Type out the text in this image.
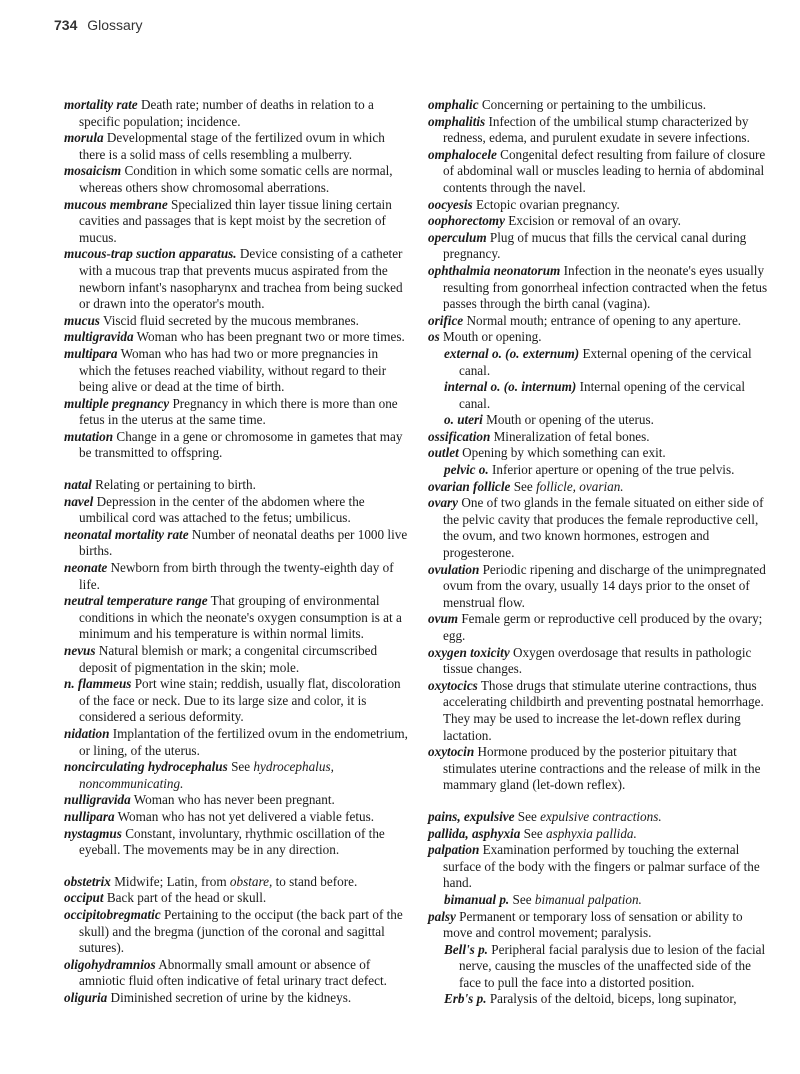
734 Glossary
mortality rate Death rate; number of deaths in relation to a specific population; incidence.
morula Developmental stage of the fertilized ovum in which there is a solid mass of cells resembling a mulberry.
mosaicism Condition in which some somatic cells are normal, whereas others show chromosomal aberrations.
mucous membrane Specialized thin layer tissue lining certain cavities and passages that is kept moist by the secretion of mucus.
mucous-trap suction apparatus. Device consisting of a catheter with a mucous trap that prevents mucus aspirated from the newborn infant's nasopharynx and trachea from being sucked or drawn into the operator's mouth.
mucus Viscid fluid secreted by the mucous membranes.
multigravida Woman who has been pregnant two or more times.
multipara Woman who has had two or more pregnancies in which the fetuses reached viability, without regard to their being alive or dead at the time of birth.
multiple pregnancy Pregnancy in which there is more than one fetus in the uterus at the same time.
mutation Change in a gene or chromosome in gametes that may be transmitted to offspring.
natal Relating or pertaining to birth.
navel Depression in the center of the abdomen where the umbilical cord was attached to the fetus; umbilicus.
neonatal mortality rate Number of neonatal deaths per 1000 live births.
neonate Newborn from birth through the twenty-eighth day of life.
neutral temperature range That grouping of environmental conditions in which the neonate's oxygen consumption is at a minimum and his temperature is within normal limits.
nevus Natural blemish or mark; a congenital circumscribed deposit of pigmentation in the skin; mole.
n. flammeus Port wine stain; reddish, usually flat, discoloration of the face or neck. Due to its large size and color, it is considered a serious deformity.
nidation Implantation of the fertilized ovum in the endometrium, or lining, of the uterus.
noncirculating hydrocephalus See hydrocephalus, noncommunicating.
nulligravida Woman who has never been pregnant.
nullipara Woman who has not yet delivered a viable fetus.
nystagmus Constant, involuntary, rhythmic oscillation of the eyeball. The movements may be in any direction.
obstetrix Midwife; Latin, from obstare, to stand before.
occiput Back part of the head or skull.
occipitobregmatic Pertaining to the occiput (the back part of the skull) and the bregma (junction of the coronal and sagittal sutures).
oligohydramnios Abnormally small amount or absence of amniotic fluid often indicative of fetal urinary tract defect.
oliguria Diminished secretion of urine by the kidneys.
omphalic Concerning or pertaining to the umbilicus.
omphalitis Infection of the umbilical stump characterized by redness, edema, and purulent exudate in severe infections.
omphalocele Congenital defect resulting from failure of closure of abdominal wall or muscles leading to hernia of abdominal contents through the navel.
oocyesis Ectopic ovarian pregnancy.
oophorectomy Excision or removal of an ovary.
operculum Plug of mucus that fills the cervical canal during pregnancy.
ophthalmia neonatorum Infection in the neonate's eyes usually resulting from gonorrheal infection contracted when the fetus passes through the birth canal (vagina).
orifice Normal mouth; entrance of opening to any aperture.
os Mouth or opening.
external o. (o. externum) External opening of the cervical canal.
internal o. (o. internum) Internal opening of the cervical canal.
o. uteri Mouth or opening of the uterus.
ossification Mineralization of fetal bones.
outlet Opening by which something can exit.
pelvic o. Inferior aperture or opening of the true pelvis.
ovarian follicle See follicle, ovarian.
ovary One of two glands in the female situated on either side of the pelvic cavity that produces the female reproductive cell, the ovum, and two known hormones, estrogen and progesterone.
ovulation Periodic ripening and discharge of the unimpregnated ovum from the ovary, usually 14 days prior to the onset of menstrual flow.
ovum Female germ or reproductive cell produced by the ovary; egg.
oxygen toxicity Oxygen overdosage that results in pathologic tissue changes.
oxytocics Those drugs that stimulate uterine contractions, thus accelerating childbirth and preventing postnatal hemorrhage. They may be used to increase the let-down reflex during lactation.
oxytocin Hormone produced by the posterior pituitary that stimulates uterine contractions and the release of milk in the mammary gland (let-down reflex).
pains, expulsive See expulsive contractions.
pallida, asphyxia See asphyxia pallida.
palpation Examination performed by touching the external surface of the body with the fingers or palmar surface of the hand.
bimanual p. See bimanual palpation.
palsy Permanent or temporary loss of sensation or ability to move and control movement; paralysis.
Bell's p. Peripheral facial paralysis due to lesion of the facial nerve, causing the muscles of the unaffected side of the face to pull the face into a distorted position.
Erb's p. Paralysis of the deltoid, biceps, long supinator,
